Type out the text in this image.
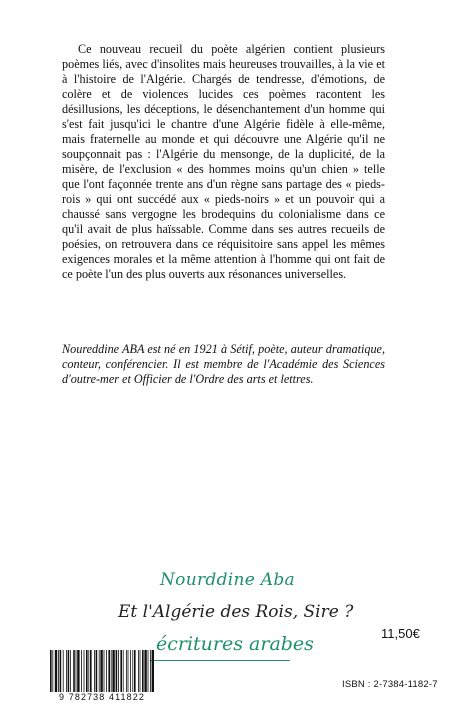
Ce nouveau recueil du poète algérien contient plusieurs poèmes liés, avec d'insolites mais heureuses trouvailles, à la vie et à l'histoire de l'Algérie. Chargés de tendresse, d'émotions, de colère et de violences lucides ces poèmes racontent les désillusions, les déceptions, le désenchantement d'un homme qui s'est fait jusqu'ici le chantre d'une Algérie fidèle à elle-même, mais fraternelle au monde et qui découvre une Algérie qu'il ne soupçonnait pas : l'Algérie du mensonge, de la duplicité, de la misère, de l'exclusion « des hommes moins qu'un chien » telle que l'ont façonnée trente ans d'un règne sans partage des « pieds-rois » qui ont succédé aux « pieds-noirs » et un pouvoir qui a chaussé sans vergogne les brodequins du colonialisme dans ce qu'il avait de plus haïssable. Comme dans ses autres recueils de poésies, on retrouvera dans ce réquisitoire sans appel les mêmes exigences morales et la même attention à l'homme qui ont fait de ce poète l'un des plus ouverts aux résonances universelles.

Noureddine ABA est né en 1921 à Sétif, poète, auteur dramatique, conteur, conférencier. Il est membre de l'Académie des Sciences d'outre-mer et Officier de l'Ordre des arts et lettres.

Nourddine Aba
Et l'Algérie des Rois, Sire ?
écritures arabes	11,50€
9 782738 411822
ISBN : 2-7384-1182-7
